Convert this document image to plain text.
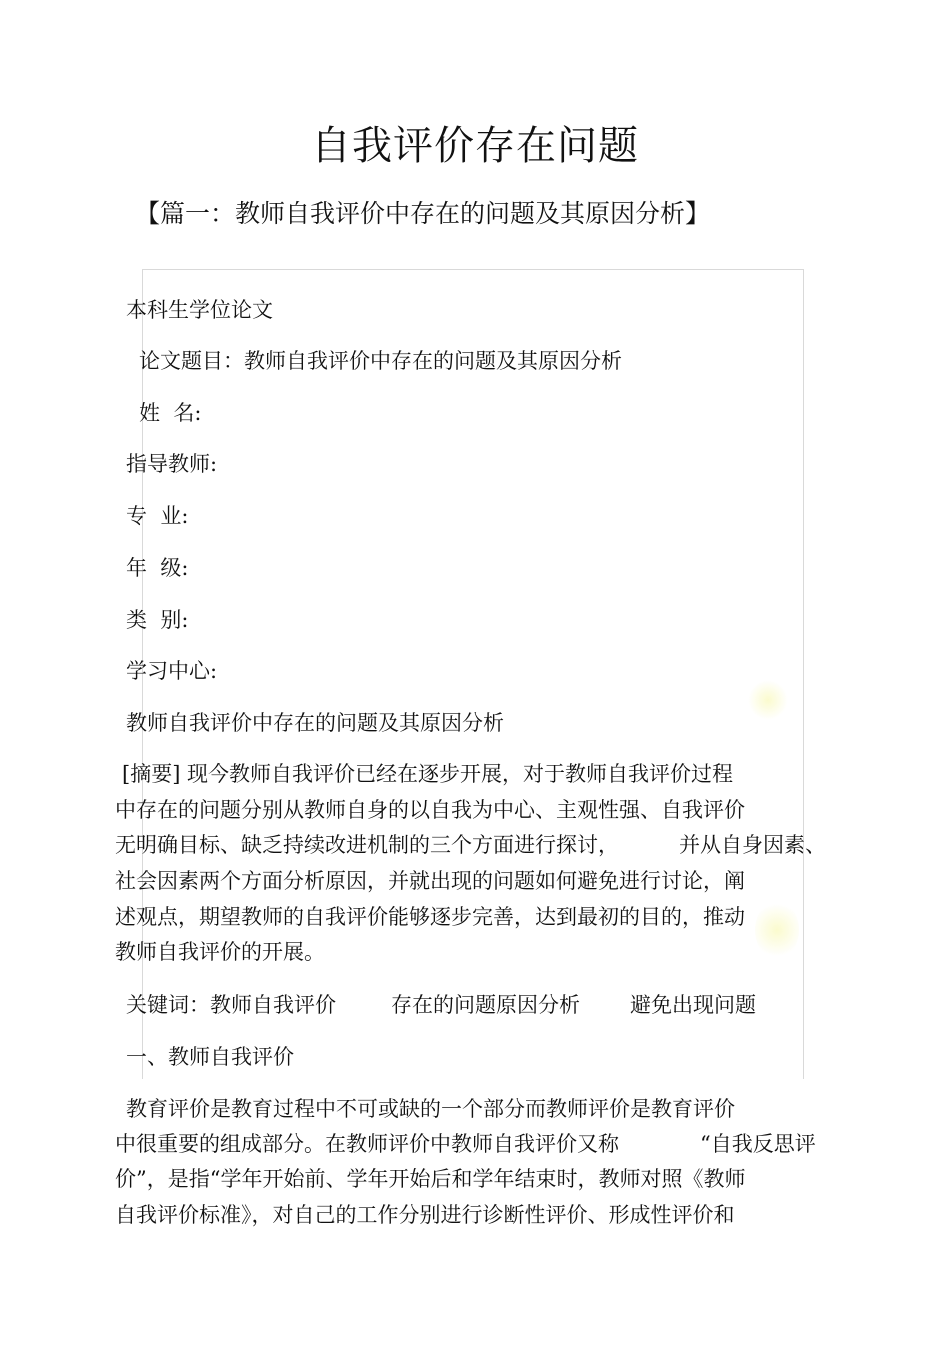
自我评价存在问题
【篇一：教师自我评价中存在的问题及其原因分析】
本科生学位论文
论文题目：教师自我评价中存在的问题及其原因分析
姓  名:
指导教师:
专  业:
年  级:
类  别:
学习中心:
教师自我评价中存在的问题及其原因分析
[摘要] 现今教师自我评价已经在逐步开展，对于教师自我评价过程
中存在的问题分别从教师自身的以自我为中心、主观性强、自我评价
无明确目标、缺乏持续改进机制的三个方面进行探讨，	并从自身因素、
社会因素两个方面分析原因，并就出现的问题如何避免进行讨论，阐
述观点，期望教师的自我评价能够逐步完善，达到最初的目的，推动
教师自我评价的开展。
关键词：教师自我评价	存在的问题原因分析 避免出现问题
一、教师自我评价
教育评价是教育过程中不可或缺的一个部分而教师评价是教育评价
中很重要的组成部分。在教师评价中教师自我评价又称	“自我反思评
价”，是指“学年开始前、学年开始后和学年结束时，教师对照《教师
自我评价标准》，对自己的工作分别进行诊断性评价、形成性评价和
